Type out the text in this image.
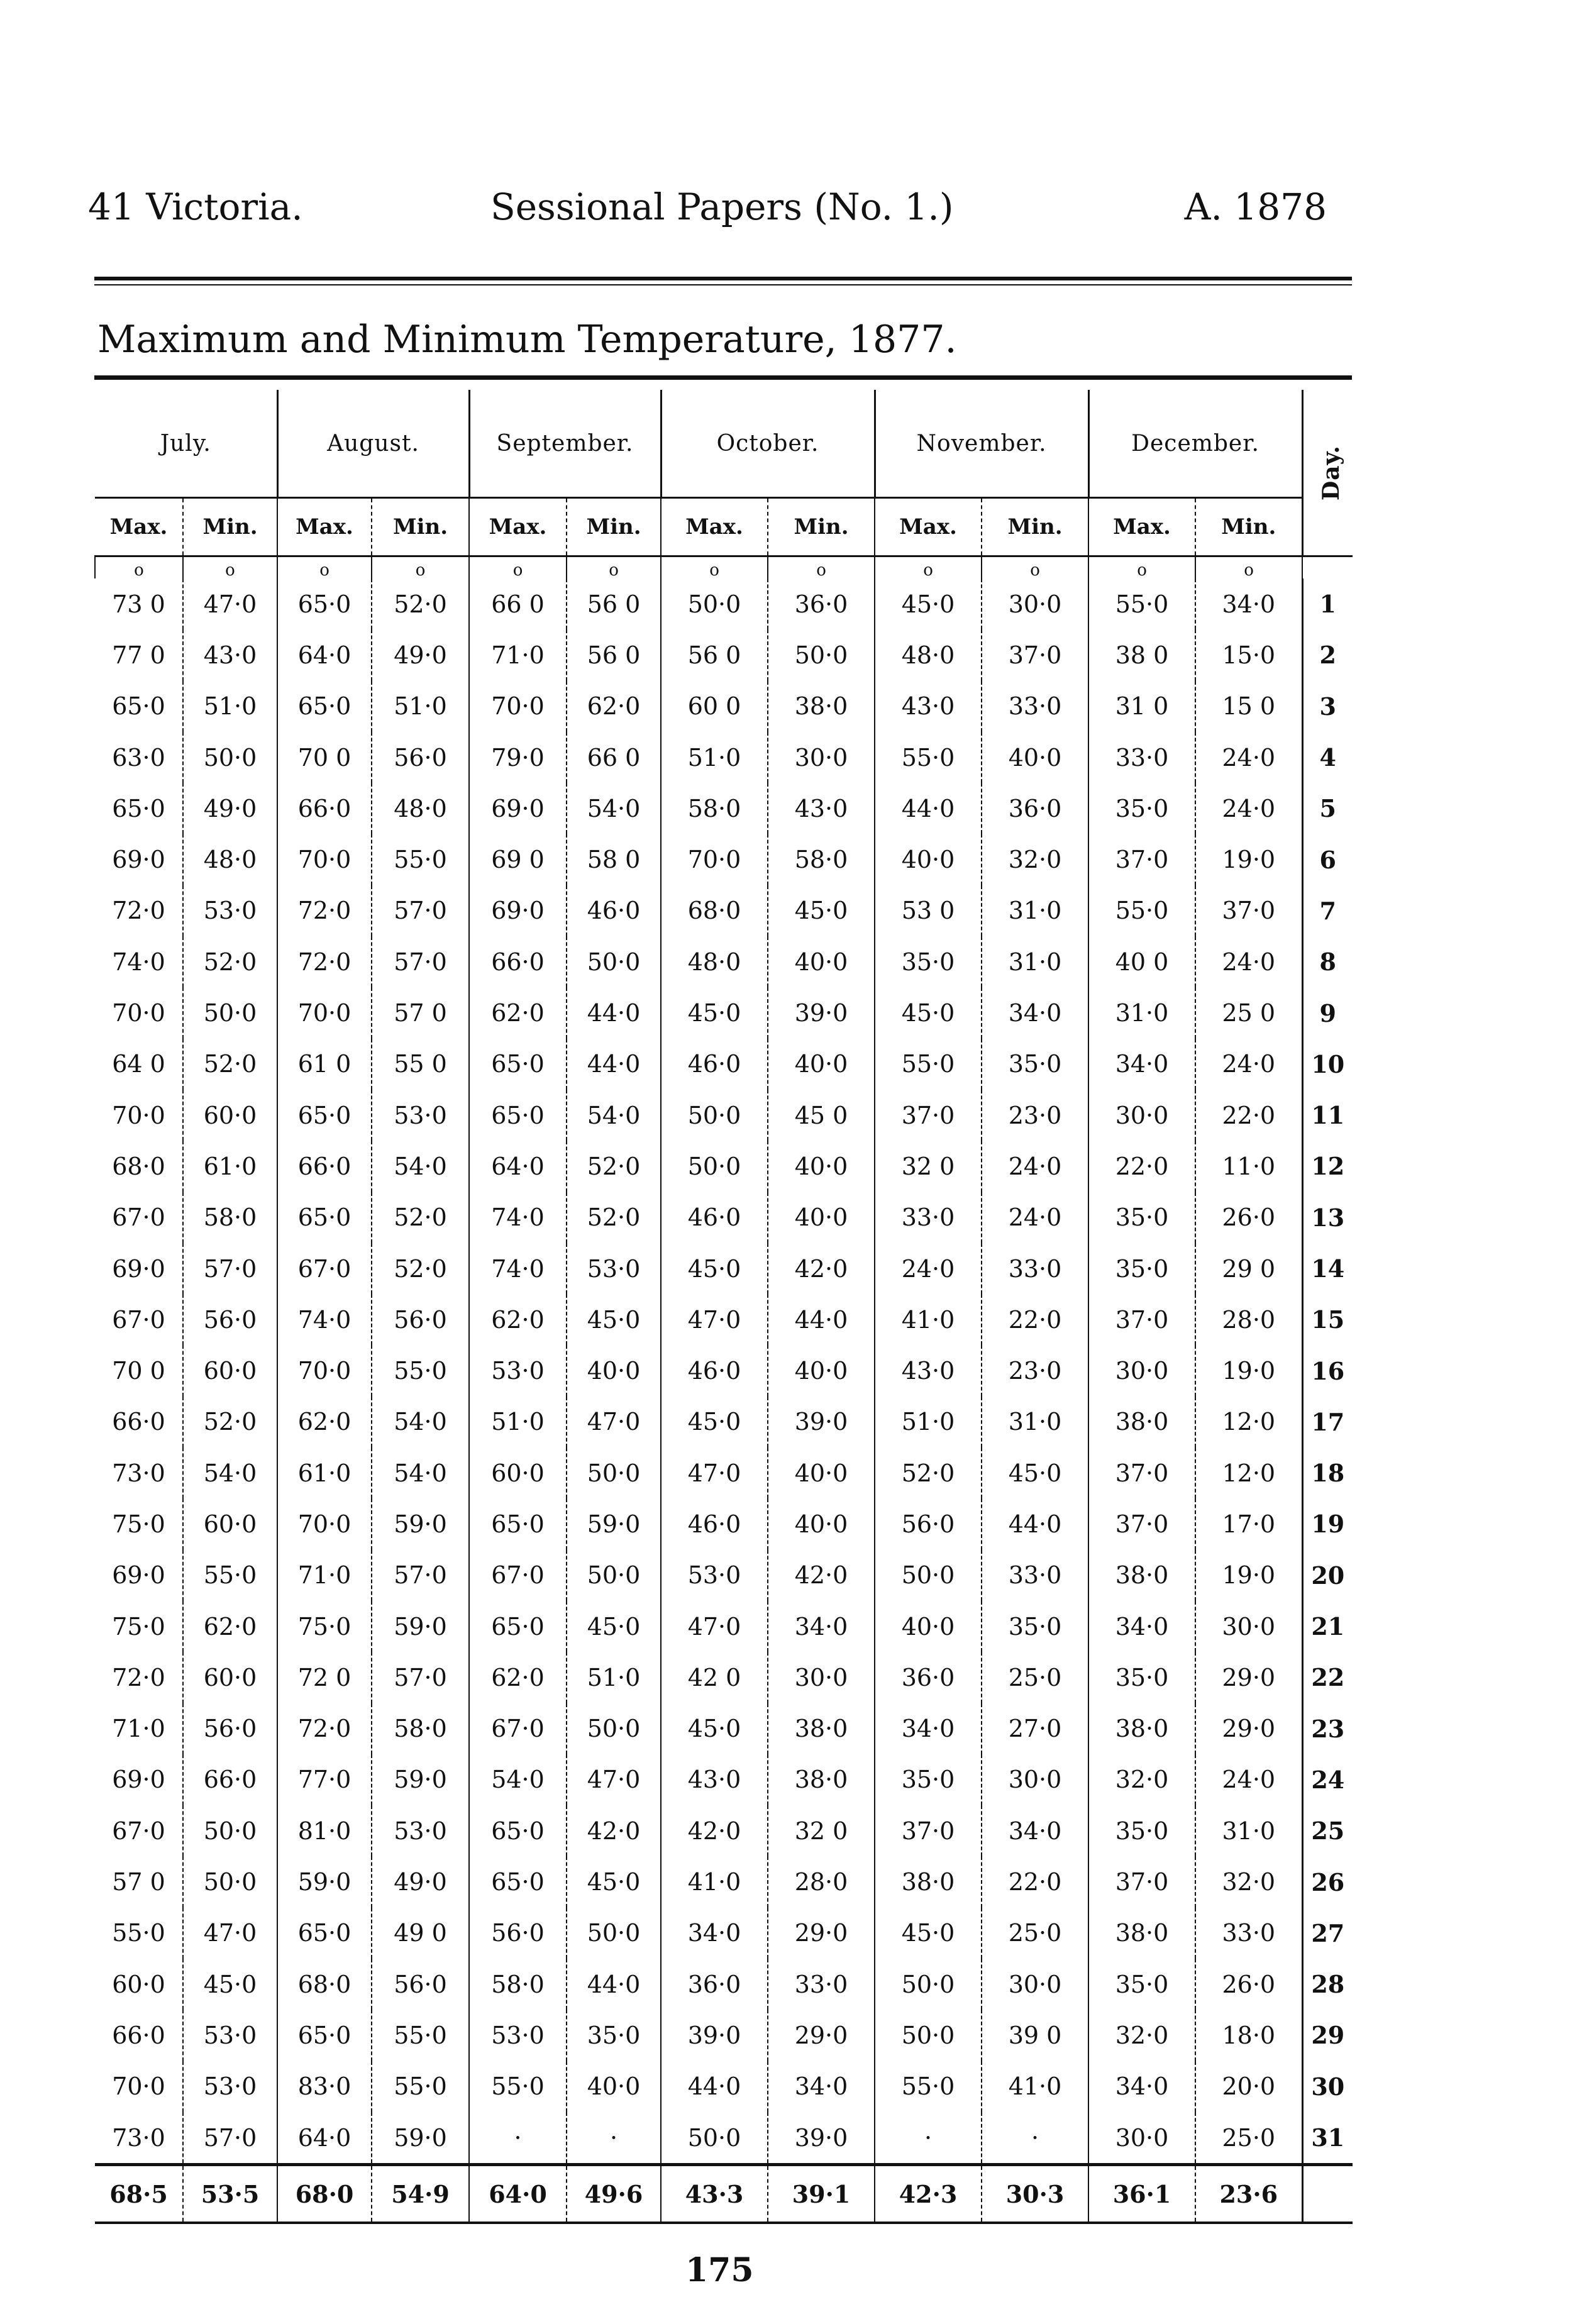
41 Victoria.	Sessional Papers (No. 1.)	A. 1878
Maximum and Minimum Temperature, 1877.
July.		August.		September.		October.		November.		December.		Day.
Max.	Min.	Max.	Min.	Max.	Min.	Max.	Min.	Max.	Min.	Max.	Min.	
o	o	o	o	o	o	o	o	o	o	o	o	
73 0	47·0	65·0	52·0	66 0	56 0	50·0	36·0	45·0	30·0	55·0	34·0	1
77 0	43·0	64·0	49·0	71·0	56 0	56 0	50·0	48·0	37·0	38 0	15·0	2
65·0	51·0	65·0	51·0	70·0	62·0	60 0	38·0	43·0	33·0	31 0	15 0	3
63·0	50·0	70 0	56·0	79·0	66 0	51·0	30·0	55·0	40·0	33·0	24·0	4
65·0	49·0	66·0	48·0	69·0	54·0	58·0	43·0	44·0	36·0	35·0	24·0	5
69·0	48·0	70·0	55·0	69 0	58 0	70·0	58·0	40·0	32·0	37·0	19·0	6
72·0	53·0	72·0	57·0	69·0	46·0	68·0	45·0	53 0	31·0	55·0	37·0	7
74·0	52·0	72·0	57·0	66·0	50·0	48·0	40·0	35·0	31·0	40 0	24·0	8
70·0	50·0	70·0	57 0	62·0	44·0	45·0	39·0	45·0	34·0	31·0	25 0	9
64 0	52·0	61 0	55 0	65·0	44·0	46·0	40·0	55·0	35·0	34·0	24·0	10
70·0	60·0	65·0	53·0	65·0	54·0	50·0	45 0	37·0	23·0	30·0	22·0	11
68·0	61·0	66·0	54·0	64·0	52·0	50·0	40·0	32 0	24·0	22·0	11·0	12
67·0	58·0	65·0	52·0	74·0	52·0	46·0	40·0	33·0	24·0	35·0	26·0	13
69·0	57·0	67·0	52·0	74·0	53·0	45·0	42·0	24·0	33·0	35·0	29 0	14
67·0	56·0	74·0	56·0	62·0	45·0	47·0	44·0	41·0	22·0	37·0	28·0	15
70 0	60·0	70·0	55·0	53·0	40·0	46·0	40·0	43·0	23·0	30·0	19·0	16
66·0	52·0	62·0	54·0	51·0	47·0	45·0	39·0	51·0	31·0	38·0	12·0	17
73·0	54·0	61·0	54·0	60·0	50·0	47·0	40·0	52·0	45·0	37·0	12·0	18
75·0	60·0	70·0	59·0	65·0	59·0	46·0	40·0	56·0	44·0	37·0	17·0	19
69·0	55·0	71·0	57·0	67·0	50·0	53·0	42·0	50·0	33·0	38·0	19·0	20
75·0	62·0	75·0	59·0	65·0	45·0	47·0	34·0	40·0	35·0	34·0	30·0	21
72·0	60·0	72 0	57·0	62·0	51·0	42 0	30·0	36·0	25·0	35·0	29·0	22
71·0	56·0	72·0	58·0	67·0	50·0	45·0	38·0	34·0	27·0	38·0	29·0	23
69·0	66·0	77·0	59·0	54·0	47·0	43·0	38·0	35·0	30·0	32·0	24·0	24
67·0	50·0	81·0	53·0	65·0	42·0	42·0	32 0	37·0	34·0	35·0	31·0	25
57 0	50·0	59·0	49·0	65·0	45·0	41·0	28·0	38·0	22·0	37·0	32·0	26
55·0	47·0	65·0	49 0	56·0	50·0	34·0	29·0	45·0	25·0	38·0	33·0	27
60·0	45·0	68·0	56·0	58·0	44·0	36·0	33·0	50·0	30·0	35·0	26·0	28
66·0	53·0	65·0	55·0	53·0	35·0	39·0	29·0	50·0	39 0	32·0	18·0	29
70·0	53·0	83·0	55·0	55·0	40·0	44·0	34·0	55·0	41·0	34·0	20·0	30
73·0	57·0	64·0	59·0	·	·	50·0	39·0	·	·	30·0	25·0	31
68·5	53·5	68·0	54·9	64·0	49·6	43·3	39·1	42·3	30·3	36·1	23·6	
175
